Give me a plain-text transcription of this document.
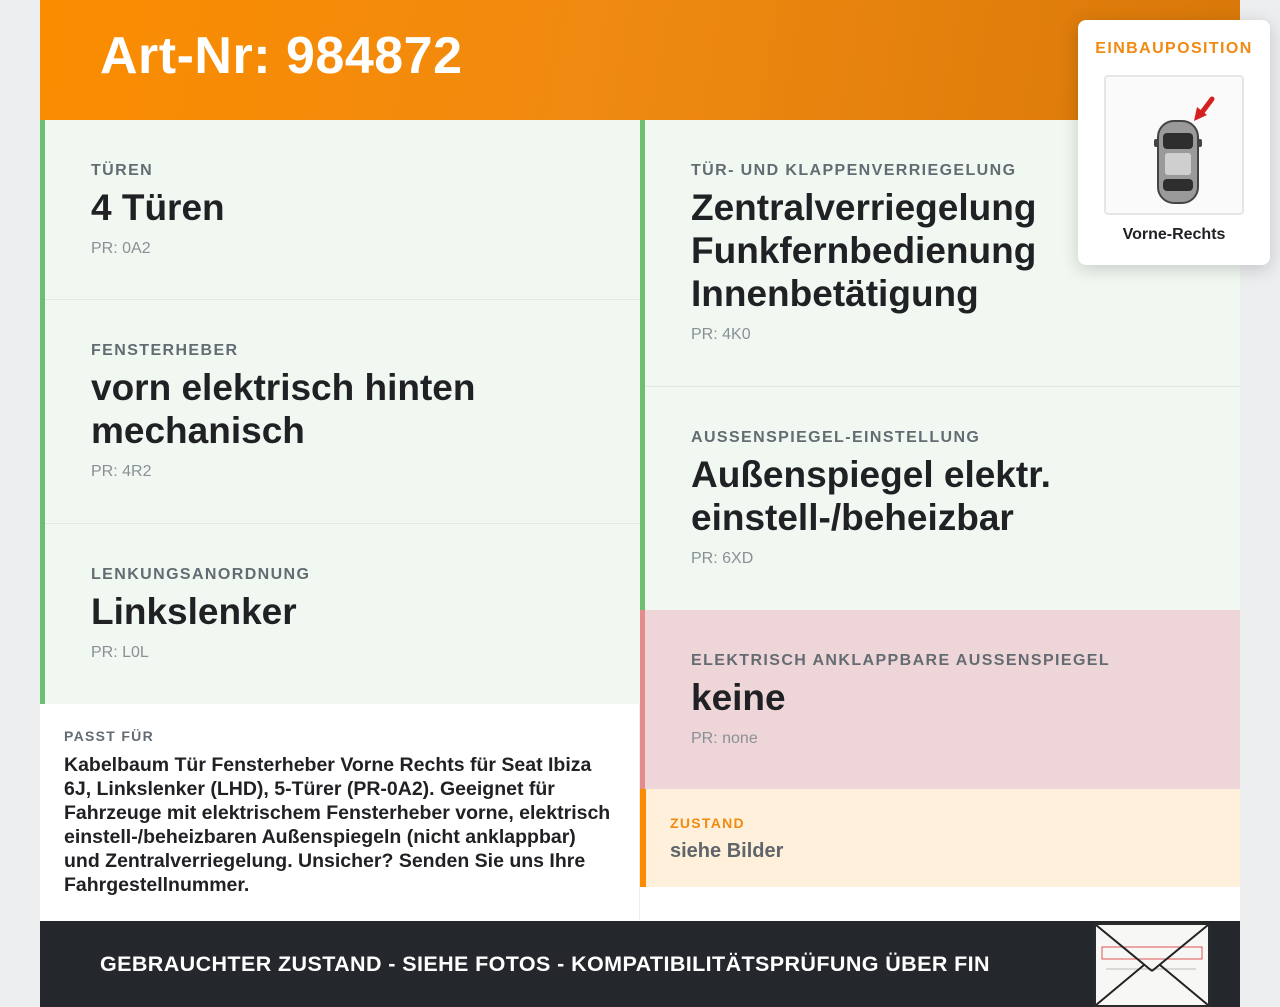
Art-Nr: 984872
TÜREN
4 Türen
PR: 0A2
FENSTERHEBER
vorn elektrisch hinten mechanisch
PR: 4R2
LENKUNGSANORDNUNG
Linkslenker
PR: L0L
TÜR- UND KLAPPENVERRIEGELUNG
Zentralverriegelung Funkfernbedienung Innenbetätigung
PR: 4K0
AUSSENSPIEGEL-EINSTELLUNG
Außenspiegel elektr. einstell-/beheizbar
PR: 6XD
ELEKTRISCH ANKLAPPBARE AUSSENSPIEGEL
keine
PR: none
PASST FÜR
Kabelbaum Tür Fensterheber Vorne Rechts für Seat Ibiza 6J, Linkslenker (LHD), 5-Türer (PR-0A2). Geeignet für Fahrzeuge mit elektrischem Fensterheber vorne, elektrisch einstell-/beheizbaren Außenspiegeln (nicht anklappbar) und Zentralverriegelung. Unsicher? Senden Sie uns Ihre Fahrgestellnummer.
ZUSTAND
siehe Bilder
GEBRAUCHTER ZUSTAND - SIEHE FOTOS - KOMPATIBILITÄTSPRÜFUNG ÜBER FIN
EINBAUPOSITION
Vorne-Rechts
